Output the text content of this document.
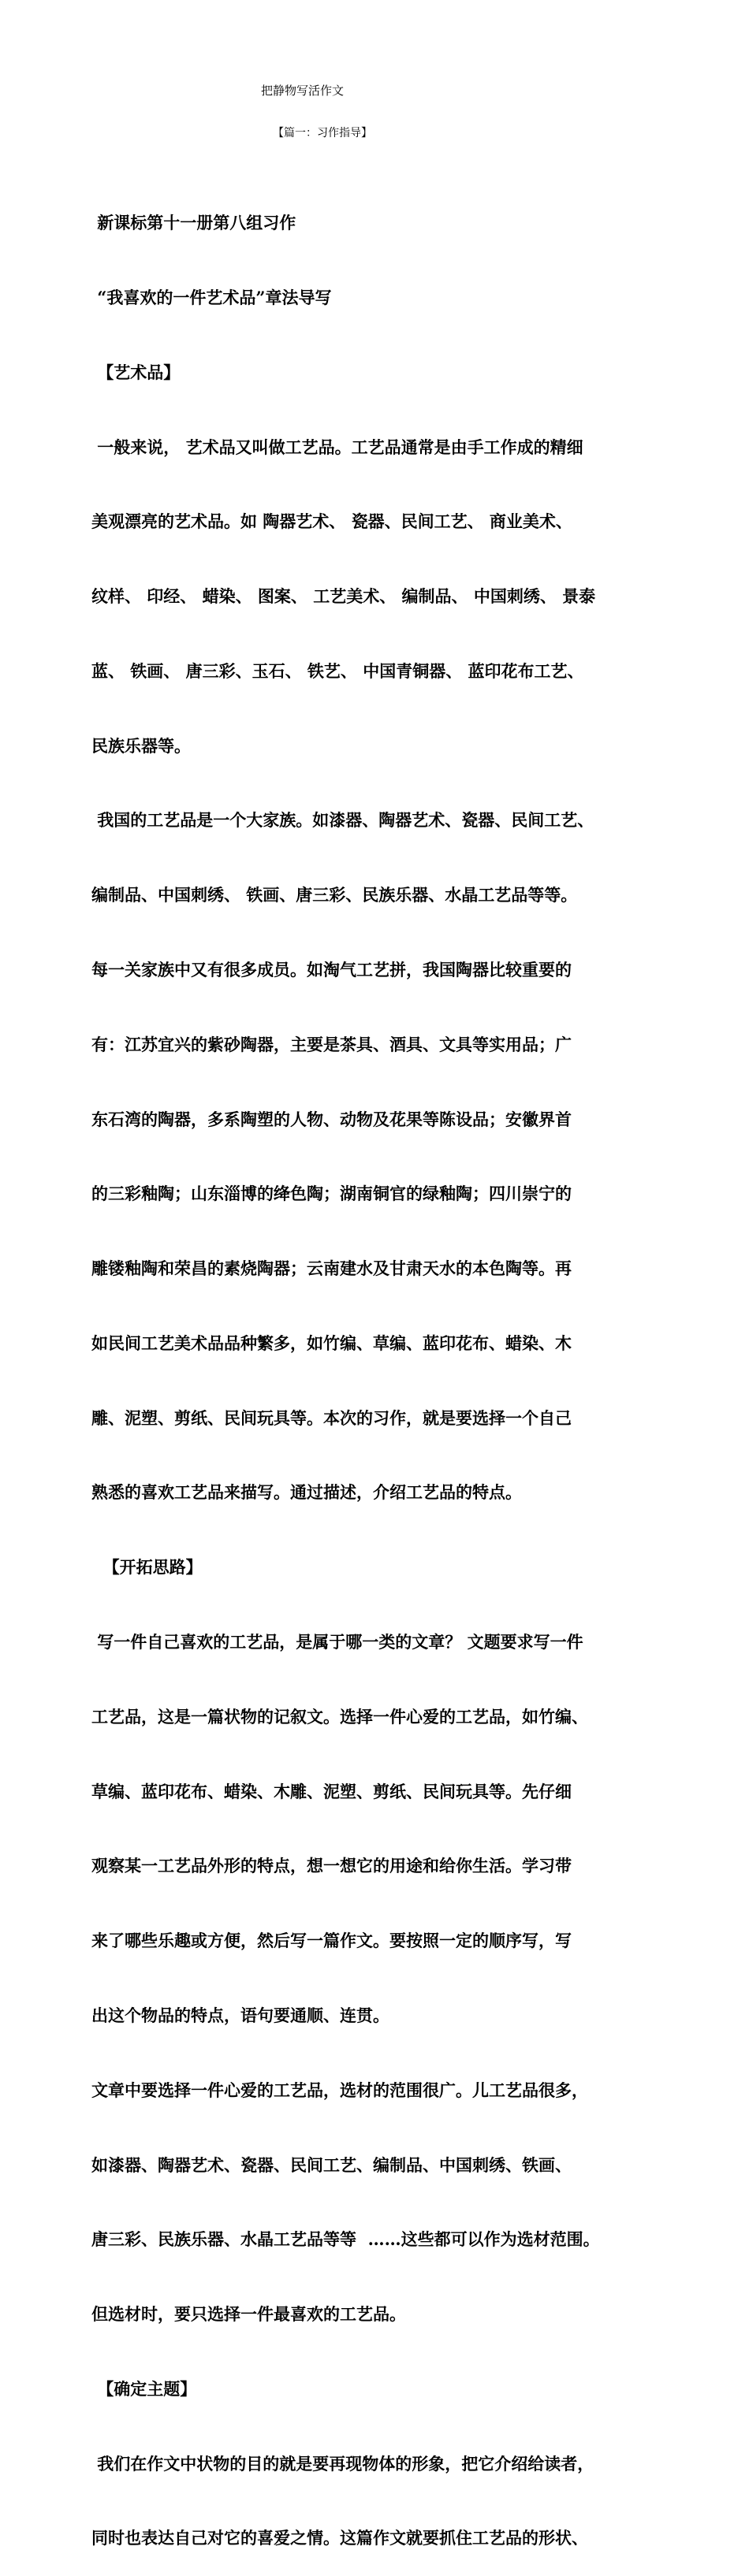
把静物写活作文
【篇一：习作指导】

新课标第十一册第八组习作

“我喜欢的一件艺术品”章法导写

【艺术品】

一般来说， 艺术品又叫做工艺品。工艺品通常是由手工作成的精细

美观漂亮的艺术品。如 陶器艺术、 瓷器、民间工艺、 商业美术、

纹样、 印经、 蜡染、 图案、 工艺美术、 编制品、 中国刺绣、 景泰

蓝、 铁画、 唐三彩、玉石、 铁艺、 中国青铜器、 蓝印花布工艺、

民族乐器等。

我国的工艺品是一个大家族。如漆器、陶器艺术、瓷器、民间工艺、

编制品、中国刺绣、 铁画、唐三彩、民族乐器、水晶工艺品等等。

每一关家族中又有很多成员。如淘气工艺拼，我国陶器比较重要的

有：江苏宜兴的紫砂陶器，主要是茶具、酒具、文具等实用品；广

东石湾的陶器，多系陶塑的人物、动物及花果等陈设品；安徽界首

的三彩釉陶；山东淄博的绛色陶；湖南铜官的绿釉陶；四川崇宁的

雕镂釉陶和荣昌的素烧陶器；云南建水及甘肃天水的本色陶等。再

如民间工艺美术品品种繁多，如竹编、草编、蓝印花布、蜡染、木

雕、泥塑、剪纸、民间玩具等。本次的习作，就是要选择一个自己

熟悉的喜欢工艺品来描写。通过描述，介绍工艺品的特点。

【开拓思路】

写一件自己喜欢的工艺品，是属于哪一类的文章？ 文题要求写一件

工艺品，这是一篇状物的记叙文。选择一件心爱的工艺品，如竹编、

草编、蓝印花布、蜡染、木雕、泥塑、剪纸、民间玩具等。先仔细

观察某一工艺品外形的特点，想一想它的用途和给你生活。学习带

来了哪些乐趣或方便，然后写一篇作文。要按照一定的顺序写，写

出这个物品的特点，语句要通顺、连贯。

文章中要选择一件心爱的工艺品，选材的范围很广。儿工艺品很多，

如漆器、陶器艺术、瓷器、民间工艺、编制品、中国刺绣、铁画、

唐三彩、民族乐器、水晶工艺品等等  ……这些都可以作为选材范围。

但选材时，要只选择一件最喜欢的工艺品。

【确定主题】

我们在作文中状物的目的就是要再现物体的形象，把它介绍给读者，

同时也表达自己对它的喜爱之情。这篇作文就要抓住工艺品的形状、
